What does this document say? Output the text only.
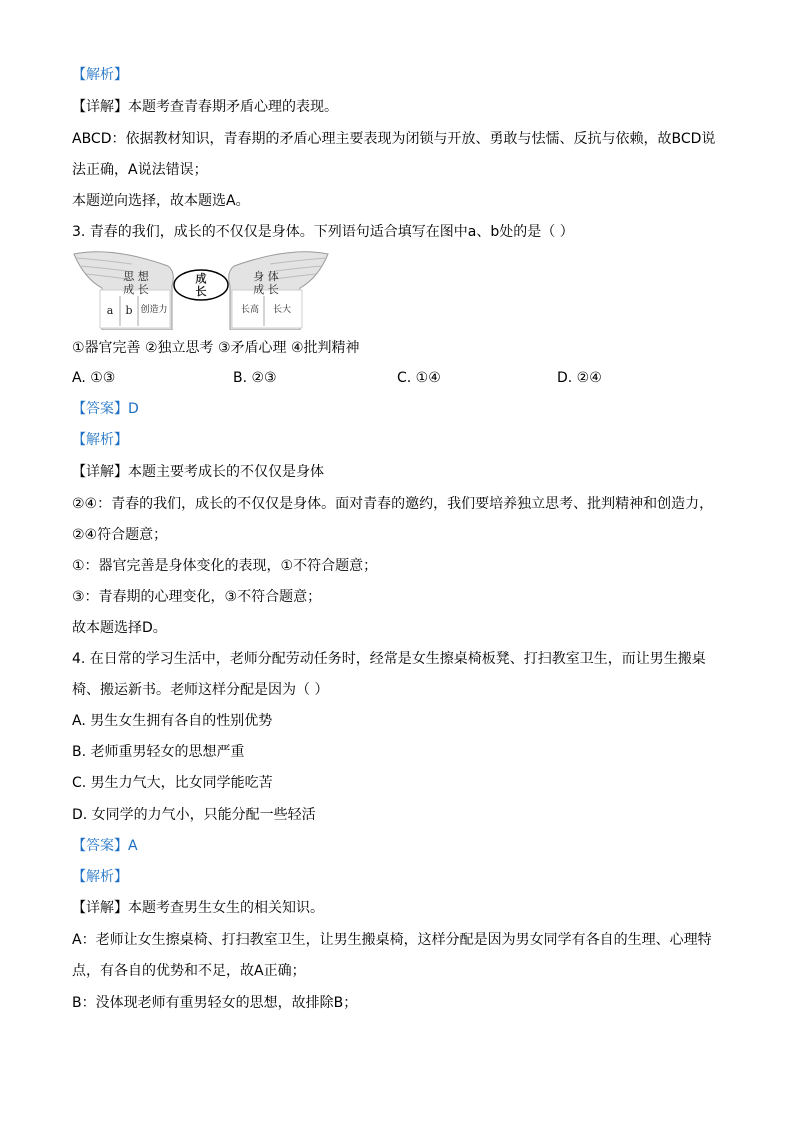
【解析】
【详解】本题考查青春期矛盾心理的表现。
ABCD：依据教材知识，青春期的矛盾心理主要表现为闭锁与开放、勇敢与怯懦、反抗与依赖，故BCD说
法正确，A说法错误；
本题逆向选择，故本题选A。
3. 青春的我们，成长的不仅仅是身体。下列语句适合填写在图中a、b处的是（ ）
成
长
思 想
成 长
a b 创造力
身 体
成 长
长高 长大
①器官完善 ②独立思考 ③矛盾心理 ④批判精神
A. ①③	B. ②③	C. ①④	D. ②④
【答案】D
【解析】
【详解】本题主要考成长的不仅仅是身体
②④：青春的我们，成长的不仅仅是身体。面对青春的邀约，我们要培养独立思考、批判精神和创造力，
②④符合题意；
①：器官完善是身体变化的表现，①不符合题意；
③：青春期的心理变化，③不符合题意；
故本题选择D。
4. 在日常的学习生活中，老师分配劳动任务时，经常是女生擦桌椅板凳、打扫教室卫生，而让男生搬桌
椅、搬运新书。老师这样分配是因为（ ）
A. 男生女生拥有各自的性别优势
B. 老师重男轻女的思想严重
C. 男生力气大，比女同学能吃苦
D. 女同学的力气小，只能分配一些轻活
【答案】A
【解析】
【详解】本题考查男生女生的相关知识。
A：老师让女生擦桌椅、打扫教室卫生，让男生搬桌椅，这样分配是因为男女同学有各自的生理、心理特
点，有各自的优势和不足，故A正确；
B：没体现老师有重男轻女的思想，故排除B；
